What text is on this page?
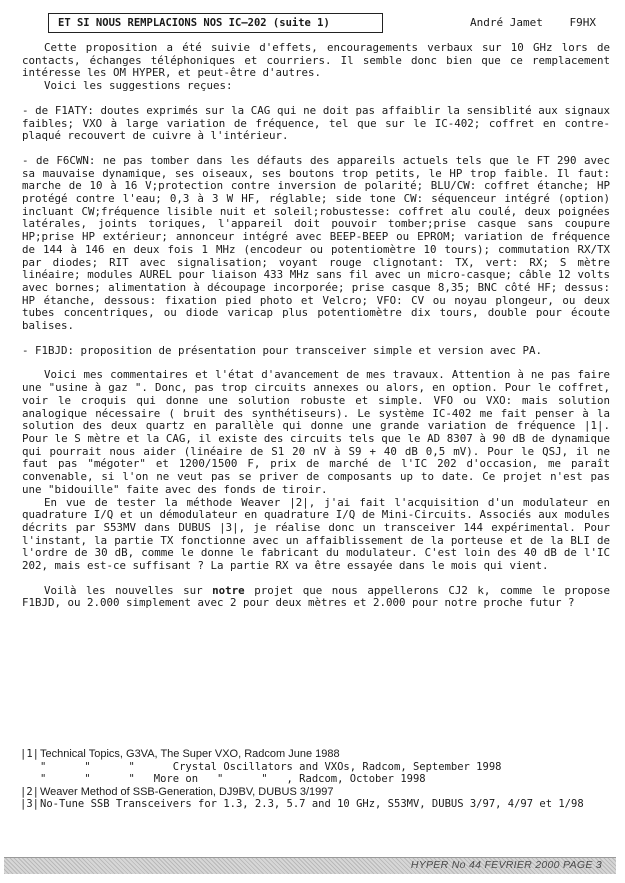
ET SI NOUS REMPLACIONS NOS IC—202 (suite 1)	André Jamet F9HX

Cette proposition a été suivie d'effets, encouragements verbaux sur 10 GHz lors de contacts, échanges téléphoniques et courriers. Il semble donc bien que ce remplacement intéresse les OM HYPER, et peut-être d'autres.

Voici les suggestions reçues:

- de F1ATY: doutes exprimés sur la CAG qui ne doit pas affaiblir la sensiblité aux signaux faibles; VXO à large variation de fréquence, tel que sur le IC-402; coffret en contre-plaqué recouvert de cuivre à l'intérieur.

- de F6CWN: ne pas tomber dans les défauts des appareils actuels tels que le FT 290 avec sa mauvaise dynamique, ses oiseaux, ses boutons trop petits, le HP trop faible. Il faut: marche de 10 à 16 V;protection contre inversion de polarité; BLU/CW: coffret étanche; HP protégé contre l'eau; 0,3 à 3 W HF, réglable; side tone CW: séquenceur intégré (option) incluant CW;fréquence lisible nuit et soleil;robustesse: coffret alu coulé, deux poignées latérales, joints toriques, l'appareil doit pouvoir tomber;prise casque sans coupure HP;prise HP extérieur; annonceur intégré avec BEEP-BEEP ou EPROM; variation de fréquence de 144 à 146 en deux fois 1 MHz (encodeur ou potentiomètre 10 tours); commutation RX/TX par diodes; RIT avec signalisation; voyant rouge clignotant: TX, vert: RX; S mètre linéaire; modules AUREL pour liaison 433 MHz sans fil avec un micro-casque; câble 12 volts avec bornes; alimentation à découpage incorporée; prise casque 8,35; BNC côté HF; dessus: HP étanche, dessous: fixation pied photo et Velcro; VFO: CV ou noyau plongeur, ou deux tubes concentriques, ou diode varicap plus potentiomètre dix tours, double pour écoute balises.

- F1BJD: proposition de présentation pour transceiver simple et version avec PA.

Voici mes commentaires et l'état d'avancement de mes travaux. Attention à ne pas faire une "usine à gaz ". Donc, pas trop circuits annexes ou alors, en option. Pour le coffret, voir le croquis qui donne une solution robuste et simple. VFO ou VXO: mais solution analogique nécessaire ( bruit des synthétiseurs). Le système IC-402 me fait penser à la solution des deux quartz en parallèle qui donne une grande variation de fréquence |1|. Pour le S mètre et la CAG, il existe des circuits tels que le AD 8307 à 90 dB de dynamique qui pourrait nous aider (linéaire de S1 20 nV à S9 + 40 dB 0,5 mV). Pour le QSJ, il ne faut pas "mégoter" et 1200/1500 F, prix de marché de l'IC 202 d'occasion, me paraît convenable, si l'on ne veut pas se priver de composants up to date. Ce projet n'est pas une "bidouille" faite avec des fonds de tiroir.

En vue de tester la méthode Weaver |2|, j'ai fait l'acquisition d'un modulateur en quadrature I/Q et un démodulateur en quadrature I/Q de Mini-Circuits. Associés aux modules décrits par S53MV dans DUBUS |3|, je réalise donc un transceiver 144 expérimental. Pour l'instant, la partie TX fonctionne avec un affaiblissement de la porteuse et de la BLI de l'ordre de 30 dB, comme le donne le fabricant du modulateur. C'est loin des 40 dB de l'IC 202, mais est-ce suffisant ? La partie RX va être essayée dans le mois qui vient.

Voilà les nouvelles sur notre projet que nous appellerons CJ2 k, comme le propose F1BJD, ou 2.000 simplement avec 2 pour deux mètres et 2.000 pour notre proche futur ?

|1| Technical Topics, G3VA, The Super VXO, Radcom June 1988
"      "      "      Crystal Oscillators and VXOs, Radcom, September 1998
"      "      "   More on   "      "   , Radcom, October 1998
|2| Weaver Method of SSB-Generation, DJ9BV, DUBUS 3/1997
|3| No-Tune SSB Transceivers for 1.3, 2.3, 5.7 and 10 GHz, S53MV, DUBUS 3/97, 4/97 et 1/98
HYPER No 44 FEVRIER 2000 PAGE 3
